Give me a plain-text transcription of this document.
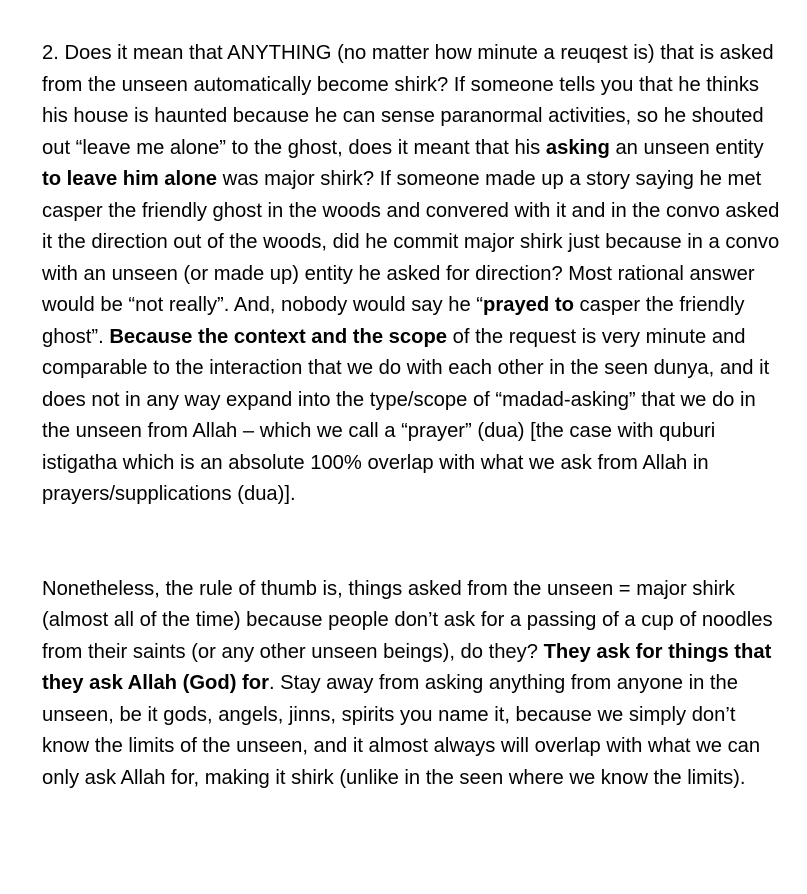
2. Does it mean that ANYTHING (no matter how minute a reuqest is) that is asked from the unseen automatically become shirk? If someone tells you that he thinks his house is haunted because he can sense paranormal activities, so he shouted out “leave me alone” to the ghost, does it meant that his asking an unseen entity to leave him alone was major shirk? If someone made up a story saying he met casper the friendly ghost in the woods and convered with it and in the convo asked it the direction out of the woods, did he commit major shirk just because in a convo with an unseen (or made up) entity he asked for direction? Most rational answer would be “not really”. And, nobody would say he “prayed to casper the friendly ghost”. Because the context and the scope of the request is very minute and comparable to the interaction that we do with each other in the seen dunya, and it does not in any way expand into the type/scope of “madad-asking” that we do in the unseen from Allah – which we call a “prayer” (dua) [the case with quburi istigatha which is an absolute 100% overlap with what we ask from Allah in prayers/supplications (dua)].

Nonetheless, the rule of thumb is, things asked from the unseen = major shirk (almost all of the time) because people don’t ask for a passing of a cup of noodles from their saints (or any other unseen beings), do they? They ask for things that they ask Allah (God) for. Stay away from asking anything from anyone in the unseen, be it gods, angels, jinns, spirits you name it, because we simply don’t know the limits of the unseen, and it almost always will overlap with what we can only ask Allah for, making it shirk (unlike in the seen where we know the limits).
